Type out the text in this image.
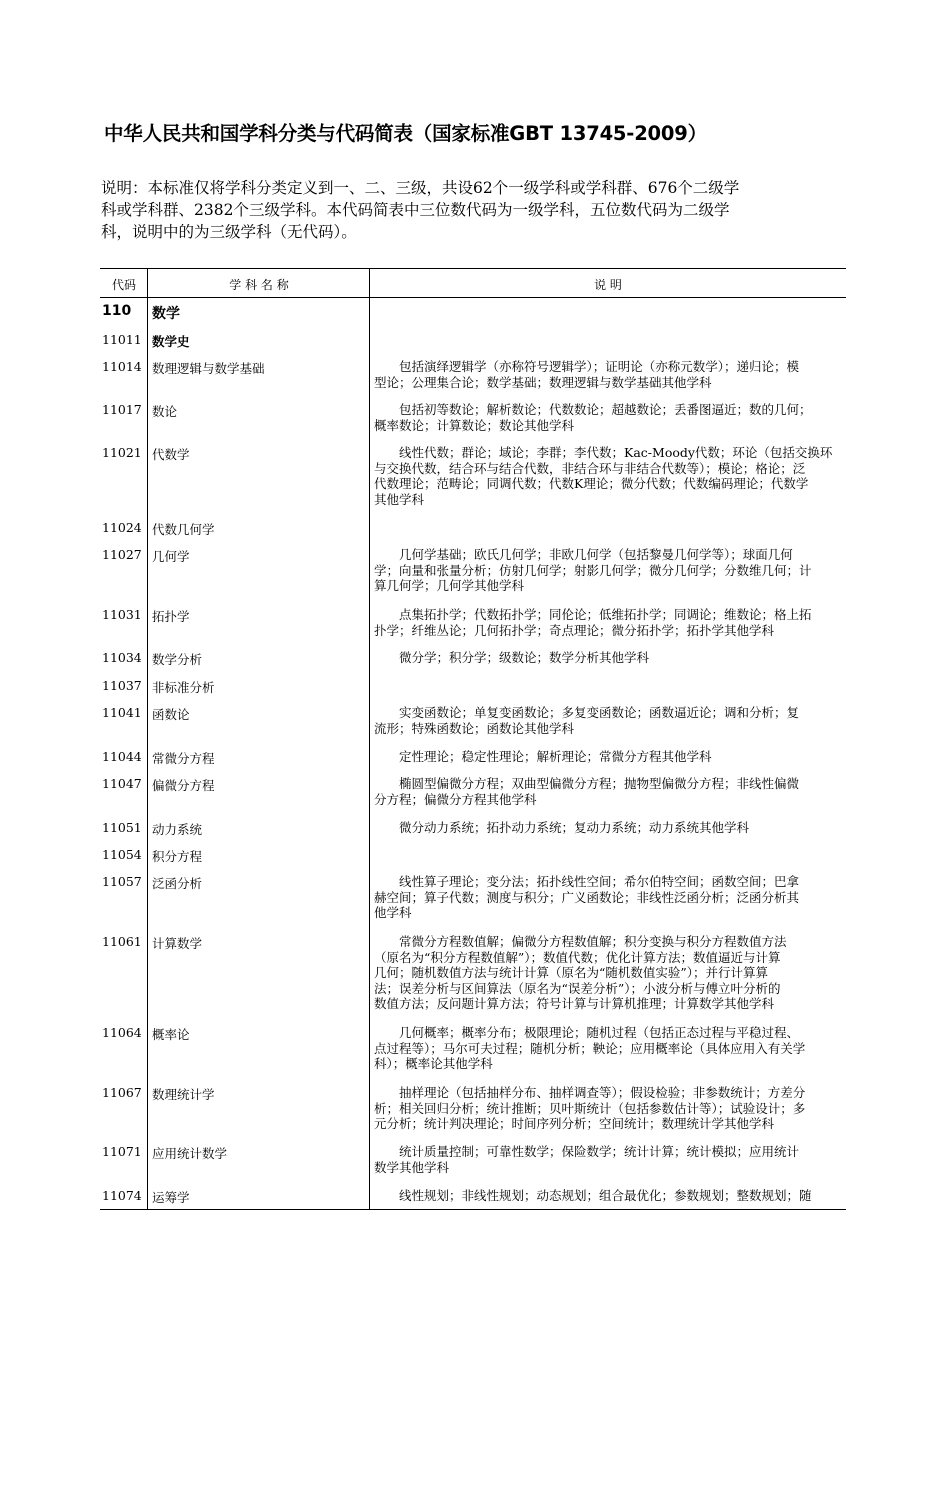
中华人民共和国学科分类与代码简表（国家标准GBT 13745-2009）
说明：本标准仅将学科分类定义到一、二、三级，共设62个一级学科或学科群、676个二级学
科或学科群、2382个三级学科。本代码简表中三位数代码为一级学科，五位数代码为二级学
科，说明中的为三级学科（无代码）。
代码	学 科 名 称	说 明
110	数学
11011 数学史
11014 数理逻辑与数学基础	　　包括演绎逻辑学（亦称符号逻辑学）；证明论（亦称元数学）；递归论；模
型论；公理集合论；数学基础；数理逻辑与数学基础其他学科
11017 数论	　　包括初等数论；解析数论；代数数论；超越数论；丢番图逼近；数的几何；
概率数论；计算数论；数论其他学科
11021 代数学	　　线性代数；群论；域论；李群；李代数；Kac-Moody代数；环论（包括交换环
与交换代数，结合环与结合代数，非结合环与非结合代数等）；模论；格论；泛
代数理论；范畴论；同调代数；代数K理论；微分代数；代数编码理论；代数学
其他学科
11024 代数几何学
11027 几何学	　　几何学基础；欧氏几何学；非欧几何学（包括黎曼几何学等）；球面几何
学；向量和张量分析；仿射几何学；射影几何学；微分几何学；分数维几何；计
算几何学；几何学其他学科
11031 拓扑学	　　点集拓扑学；代数拓扑学；同伦论；低维拓扑学；同调论；维数论；格上拓
扑学；纤维丛论；几何拓扑学；奇点理论；微分拓扑学；拓扑学其他学科
11034 数学分析	　　微分学；积分学；级数论；数学分析其他学科
11037 非标准分析
11041 函数论	　　实变函数论；单复变函数论；多复变函数论；函数逼近论；调和分析；复
流形；特殊函数论；函数论其他学科
11044 常微分方程	　　定性理论；稳定性理论；解析理论；常微分方程其他学科
11047 偏微分方程	　　椭圆型偏微分方程；双曲型偏微分方程；抛物型偏微分方程；非线性偏微
分方程；偏微分方程其他学科
11051 动力系统	　　微分动力系统；拓扑动力系统；复动力系统；动力系统其他学科
11054 积分方程
11057 泛函分析	　　线性算子理论；变分法；拓扑线性空间；希尔伯特空间；函数空间；巴拿
赫空间；算子代数；测度与积分；广义函数论；非线性泛函分析；泛函分析其
他学科
11061 计算数学	　　常微分方程数值解；偏微分方程数值解；积分变换与积分方程数值方法
（原名为“积分方程数值解”）；数值代数；优化计算方法；数值逼近与计算
几何；随机数值方法与统计计算（原名为“随机数值实验”）；并行计算算
法；误差分析与区间算法（原名为“误差分析”）；小波分析与傅立叶分析的
数值方法；反问题计算方法；符号计算与计算机推理；计算数学其他学科
11064 概率论	　　几何概率；概率分布；极限理论；随机过程（包括正态过程与平稳过程、
点过程等）；马尔可夫过程；随机分析；鞅论；应用概率论（具体应用入有关学
科）；概率论其他学科
11067 数理统计学	　　抽样理论（包括抽样分布、抽样调查等）；假设检验；非参数统计；方差分
析；相关回归分析；统计推断；贝叶斯统计（包括参数估计等）；试验设计；多
元分析；统计判决理论；时间序列分析；空间统计；数理统计学其他学科
11071 应用统计数学	　　统计质量控制；可靠性数学；保险数学；统计计算；统计模拟；应用统计
数学其他学科
11074 运筹学	　　线性规划；非线性规划；动态规划；组合最优化；参数规划；整数规划；随
